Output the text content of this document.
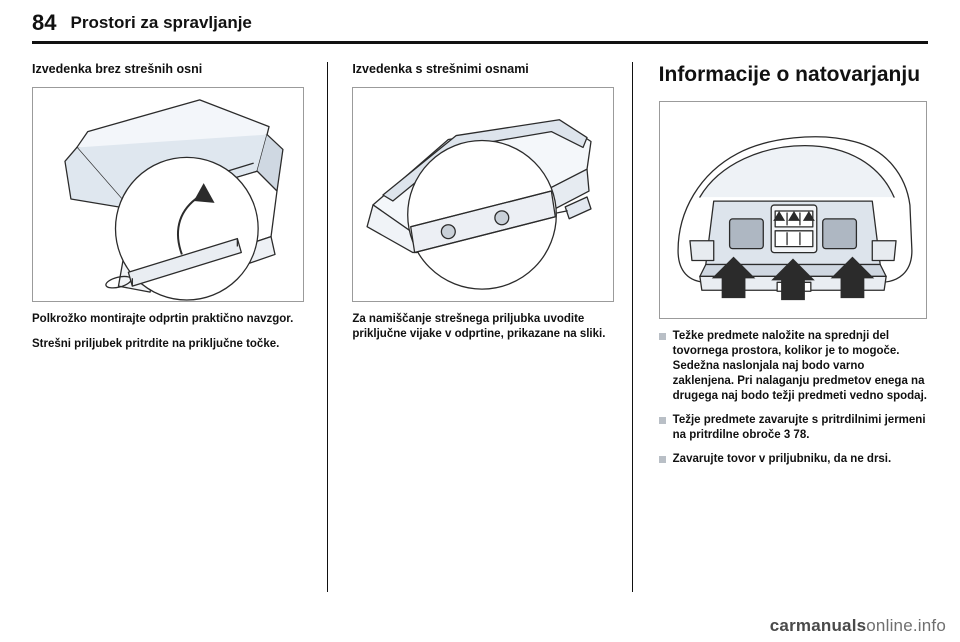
84 Prostori za spravljanje
Izvedenka brez strešnih osni

Polkrožko montirajte odprtin praktično navzgor.

Strešni priljubek pritrdite na priključne točke.

Izvedenka s strešnimi osnami

Za namiščanje strešnega priljubka uvodite priključne vijake v odprtine, prikazane na sliki.

Informacije o natovarjanju
Težke predmete naložite na sprednji del tovornega prostora, kolikor je to mogoče. Sedežna naslonjala naj bodo varno zaklenjena. Pri nalaganju predmetov enega na drugega naj bodo težji predmeti vedno spodaj.
Težje predmete zavarujte s pritrdilnimi jermeni na pritrdilne obroče 3 78.
Zavarujte tovor v priljubniku, da ne drsi.
carmanualsonline.info
